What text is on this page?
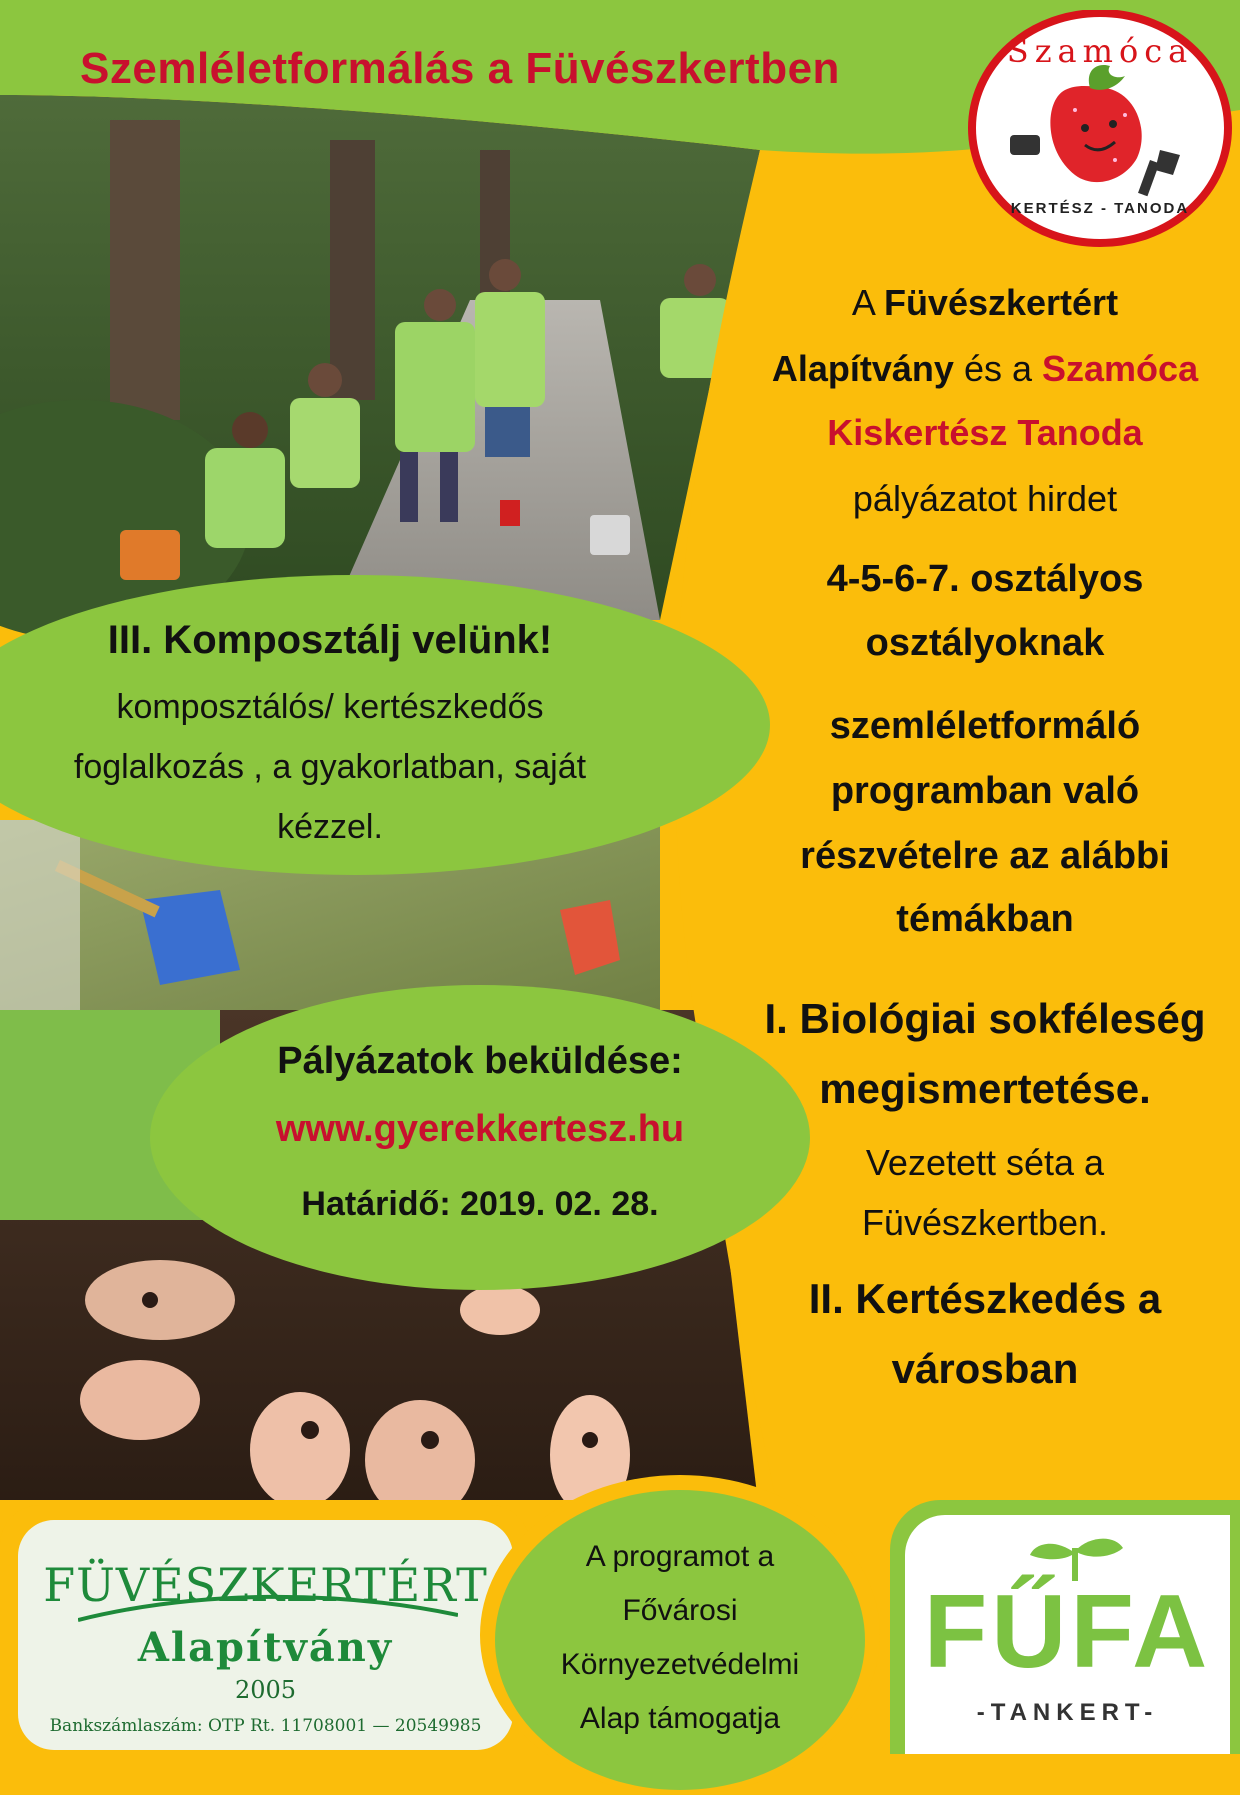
Szemléletformálás a Füvészkertben	Szamóca
KERTÉSZ - TANODA
A Füvészkertért
Alapítvány és a Szamóca
Kiskertész Tanoda
pályázatot hirdet
4-5-6-7. osztályos
osztályoknak
szemléletformáló
programban való
részvételre az alábbi
témákban
I. Biológiai sokféleség
megismertetése.
Vezetett séta a
Füvészkertben.
II. Kertészkedés a
városban
III. Komposztálj velünk!
komposztálós/ kertészkedős
foglalkozás , a gyakorlatban, saját
kézzel.
Pályázatok beküldése:
www.gyerekkertesz.hu
Határidő: 2019. 02. 28.
FÜVÉSZKERTÉRT
Alapítvány
2005
Bankszámlaszám: OTP Rt. 11708001 — 20549985
A programot a
Fővárosi
Környezetvédelmi
Alap támogatja
FŰFA
-TANKERT-
